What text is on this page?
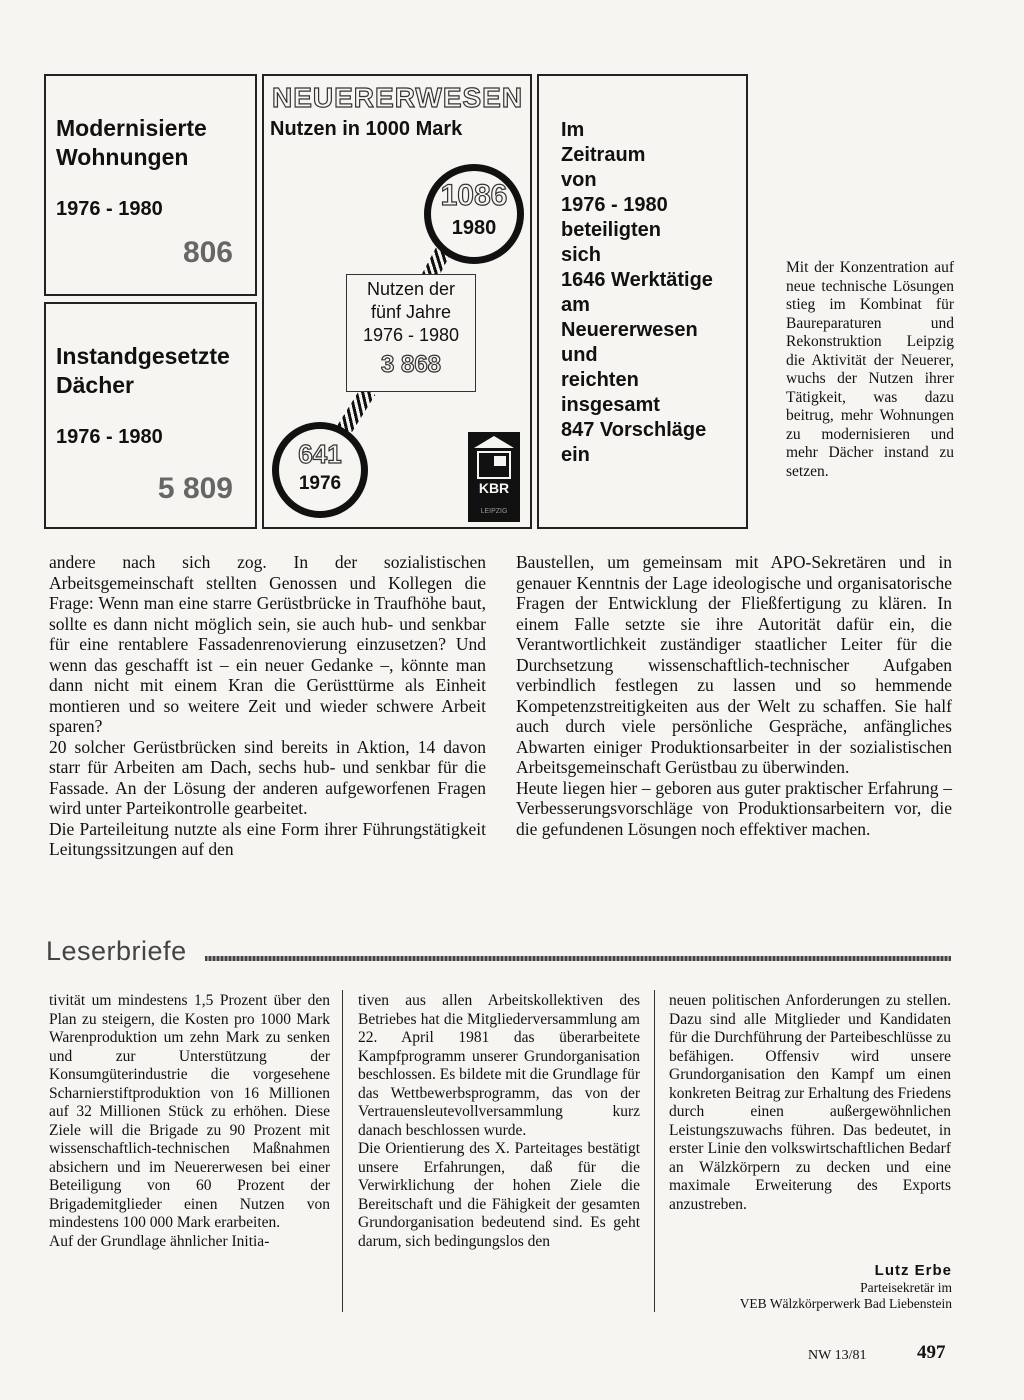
Modernisierte Wohnungen
1976 - 1980
806
Instandgesetzte Dächer
1976 - 1980
5 809
NEUERERWESEN
Nutzen in 1000 Mark
1086
1980
Nutzen der
fünf Jahre
1976 - 1980
3 868
641
1976	KBR
LEIPZIG
Im
Zeitraum
von
1976 - 1980
beteiligten
sich
1646 Werktätige
am
Neuererwesen
und
reichten
insgesamt
847 Vorschläge
ein
Mit der Konzentration auf neue technische Lösungen stieg im Kombinat für Baureparaturen und Rekonstruktion Leipzig die Aktivität der Neuerer, wuchs der Nutzen ihrer Tätigkeit, was dazu beitrug, mehr Wohnungen zu modernisieren und mehr Dächer instand zu setzen.

andere nach sich zog. In der sozialistischen Arbeitsgemeinschaft stellten Genossen und Kollegen die Frage: Wenn man eine starre Gerüstbrücke in Traufhöhe baut, sollte es dann nicht möglich sein, sie auch hub- und senkbar für eine rentablere Fassadenrenovierung einzusetzen? Und wenn das geschafft ist – ein neuer Gedanke –, könnte man dann nicht mit einem Kran die Gerüsttürme als Einheit montieren und so weitere Zeit und wieder schwere Arbeit sparen?

20 solcher Gerüstbrücken sind bereits in Aktion, 14 davon starr für Arbeiten am Dach, sechs hub- und senkbar für die Fassade. An der Lösung der anderen aufgeworfenen Fragen wird unter Parteikontrolle gearbeitet.

Die Parteileitung nutzte als eine Form ihrer Führungstätigkeit Leitungssitzungen auf den

Baustellen, um gemeinsam mit APO-Sekretären und in genauer Kenntnis der Lage ideologische und organisatorische Fragen der Entwicklung der Fließfertigung zu klären. In einem Falle setzte sie ihre Autorität dafür ein, die Verantwortlichkeit zuständiger staatlicher Leiter für die Durchsetzung wissenschaftlich-technischer Aufgaben verbindlich festlegen zu lassen und so hemmende Kompetenzstreitigkeiten aus der Welt zu schaffen. Sie half auch durch viele persönliche Gespräche, anfängliches Abwarten einiger Produktionsarbeiter in der sozialistischen Arbeitsgemeinschaft Gerüstbau zu überwinden.

Heute liegen hier – geboren aus guter praktischer Erfahrung – Verbesserungsvorschläge von Produktionsarbeitern vor, die die gefundenen Lösungen noch effektiver machen.

Leserbriefe

tivität um mindestens 1,5 Prozent über den Plan zu steigern, die Kosten pro 1000 Mark Warenproduktion um zehn Mark zu senken und zur Unterstützung der Konsumgüterindustrie die vorgesehene Scharnierstiftproduktion von 16 Millionen auf 32 Millionen Stück zu erhöhen. Diese Ziele will die Brigade zu 90 Prozent mit wissenschaftlich-technischen Maßnahmen absichern und im Neuererwesen bei einer Beteiligung von 60 Prozent der Brigademitglieder einen Nutzen von mindestens 100 000 Mark erarbeiten.

Auf der Grundlage ähnlicher Initia-

tiven aus allen Arbeitskollektiven des Betriebes hat die Mitgliederversammlung am 22. April 1981 das überarbeitete Kampfprogramm unserer Grundorganisation beschlossen. Es bildete mit die Grundlage für das Wettbewerbsprogramm, das von der Vertrauensleutevollversammlung kurz danach beschlossen wurde.

Die Orientierung des X. Parteitages bestätigt unsere Erfahrungen, daß für die Verwirklichung der hohen Ziele die Bereitschaft und die Fähigkeit der gesamten Grundorganisation bedeutend sind. Es geht darum, sich bedingungslos den

neuen politischen Anforderungen zu stellen. Dazu sind alle Mitglieder und Kandidaten für die Durchführung der Parteibeschlüsse zu befähigen. Offensiv wird unsere Grundorganisation den Kampf um einen konkreten Beitrag zur Erhaltung des Friedens durch einen außergewöhnlichen Leistungszuwachs führen. Das bedeutet, in erster Linie den volkswirtschaftlichen Bedarf an Wälzkörpern zu decken und eine maximale Erweiterung des Exports anzustreben.

Lutz Erbe
Parteisekretär im
VEB Wälzkörperwerk Bad Liebenstein
NW 13/81	497
